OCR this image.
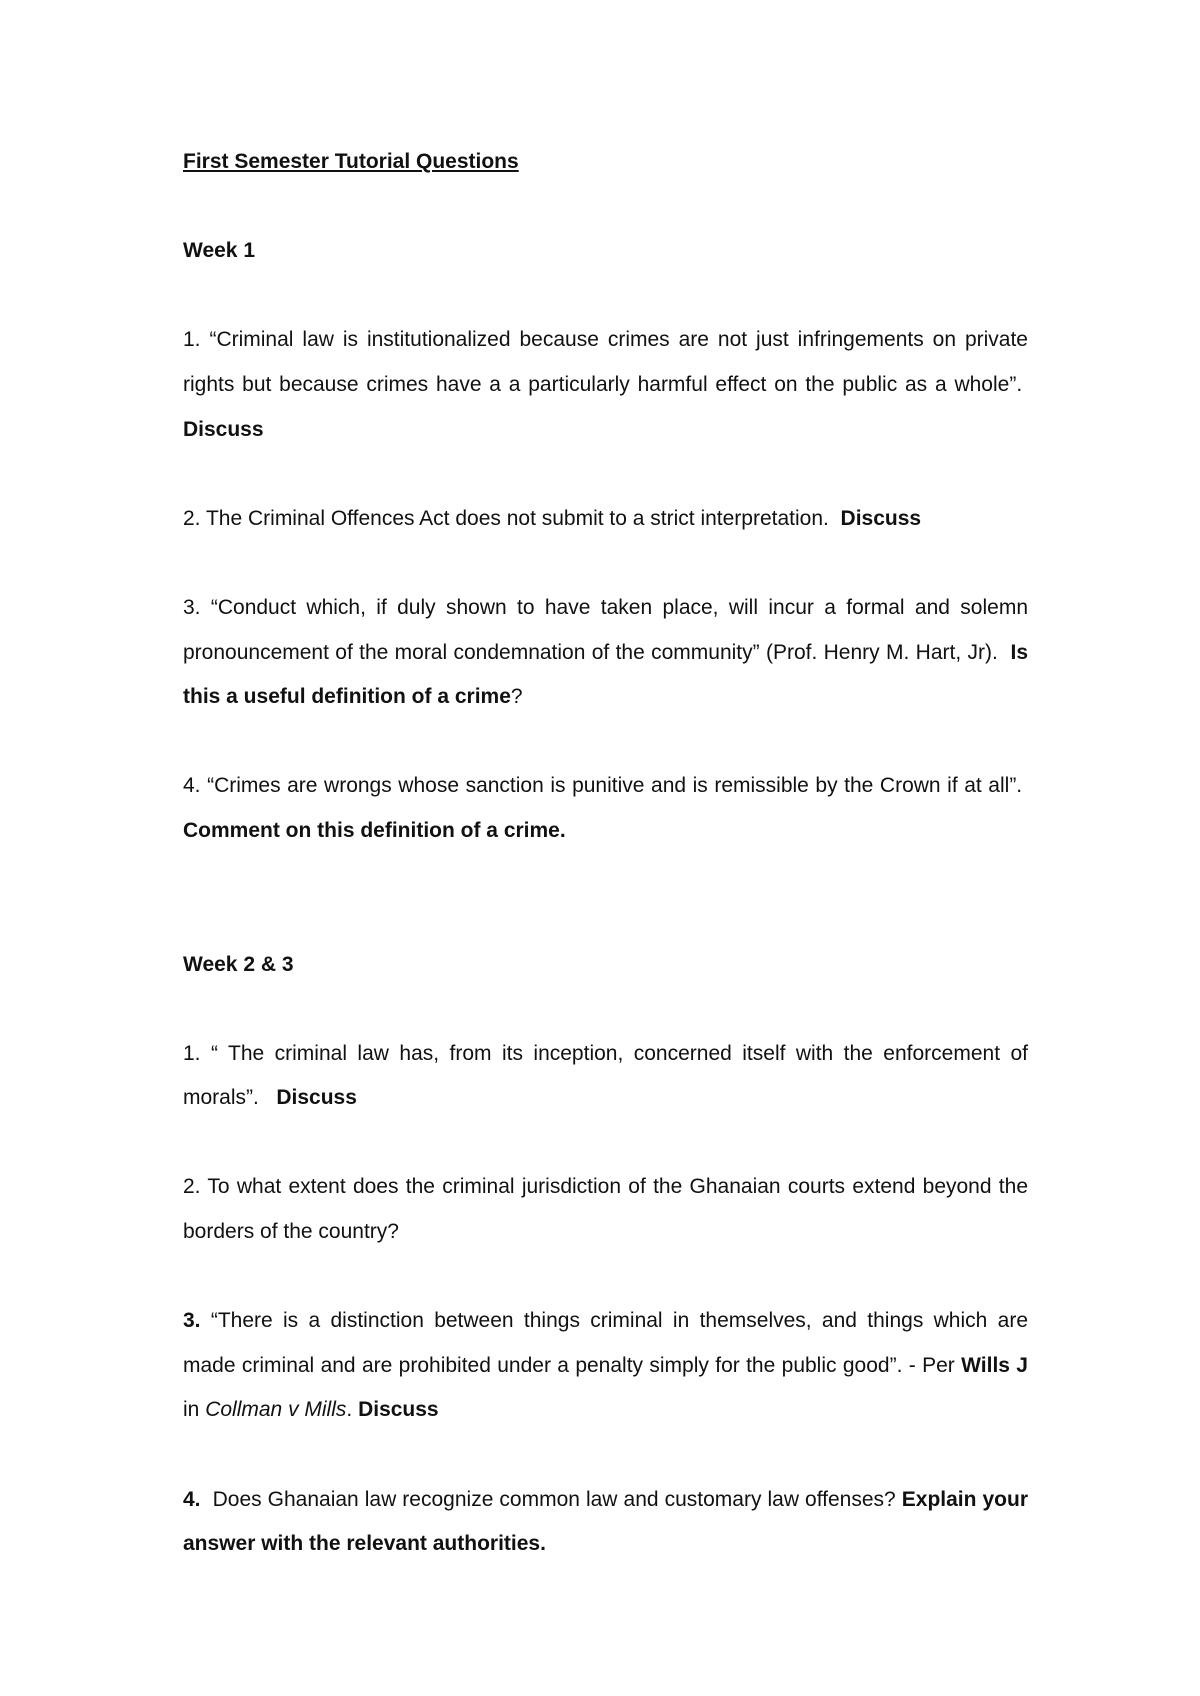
First Semester Tutorial Questions

Week 1

1. “Criminal law is institutionalized because crimes are not just infringements on private rights but because crimes have a a particularly harmful effect on the public as a whole”.  Discuss

2. The Criminal Offences Act does not submit to a strict interpretation. Discuss

3. “Conduct which, if duly shown to have taken place, will incur a formal and solemn pronouncement of the moral condemnation of the community” (Prof. Henry M. Hart, Jr). Is this a useful definition of a crime?

4. “Crimes are wrongs whose sanction is punitive and is remissible by the Crown if at all”.  Comment on this definition of a crime.

Week 2 & 3

1. “ The criminal law has, from its inception, concerned itself with the enforcement of morals”. Discuss

2. To what extent does the criminal jurisdiction of the Ghanaian courts extend beyond the borders of the country?

3. “There is a distinction between things criminal in themselves, and things which are made criminal and are prohibited under a penalty simply for the public good”. - Per Wills J in Collman v Mills. Discuss

4. Does Ghanaian law recognize common law and customary law offenses? Explain your answer with the relevant authorities.
